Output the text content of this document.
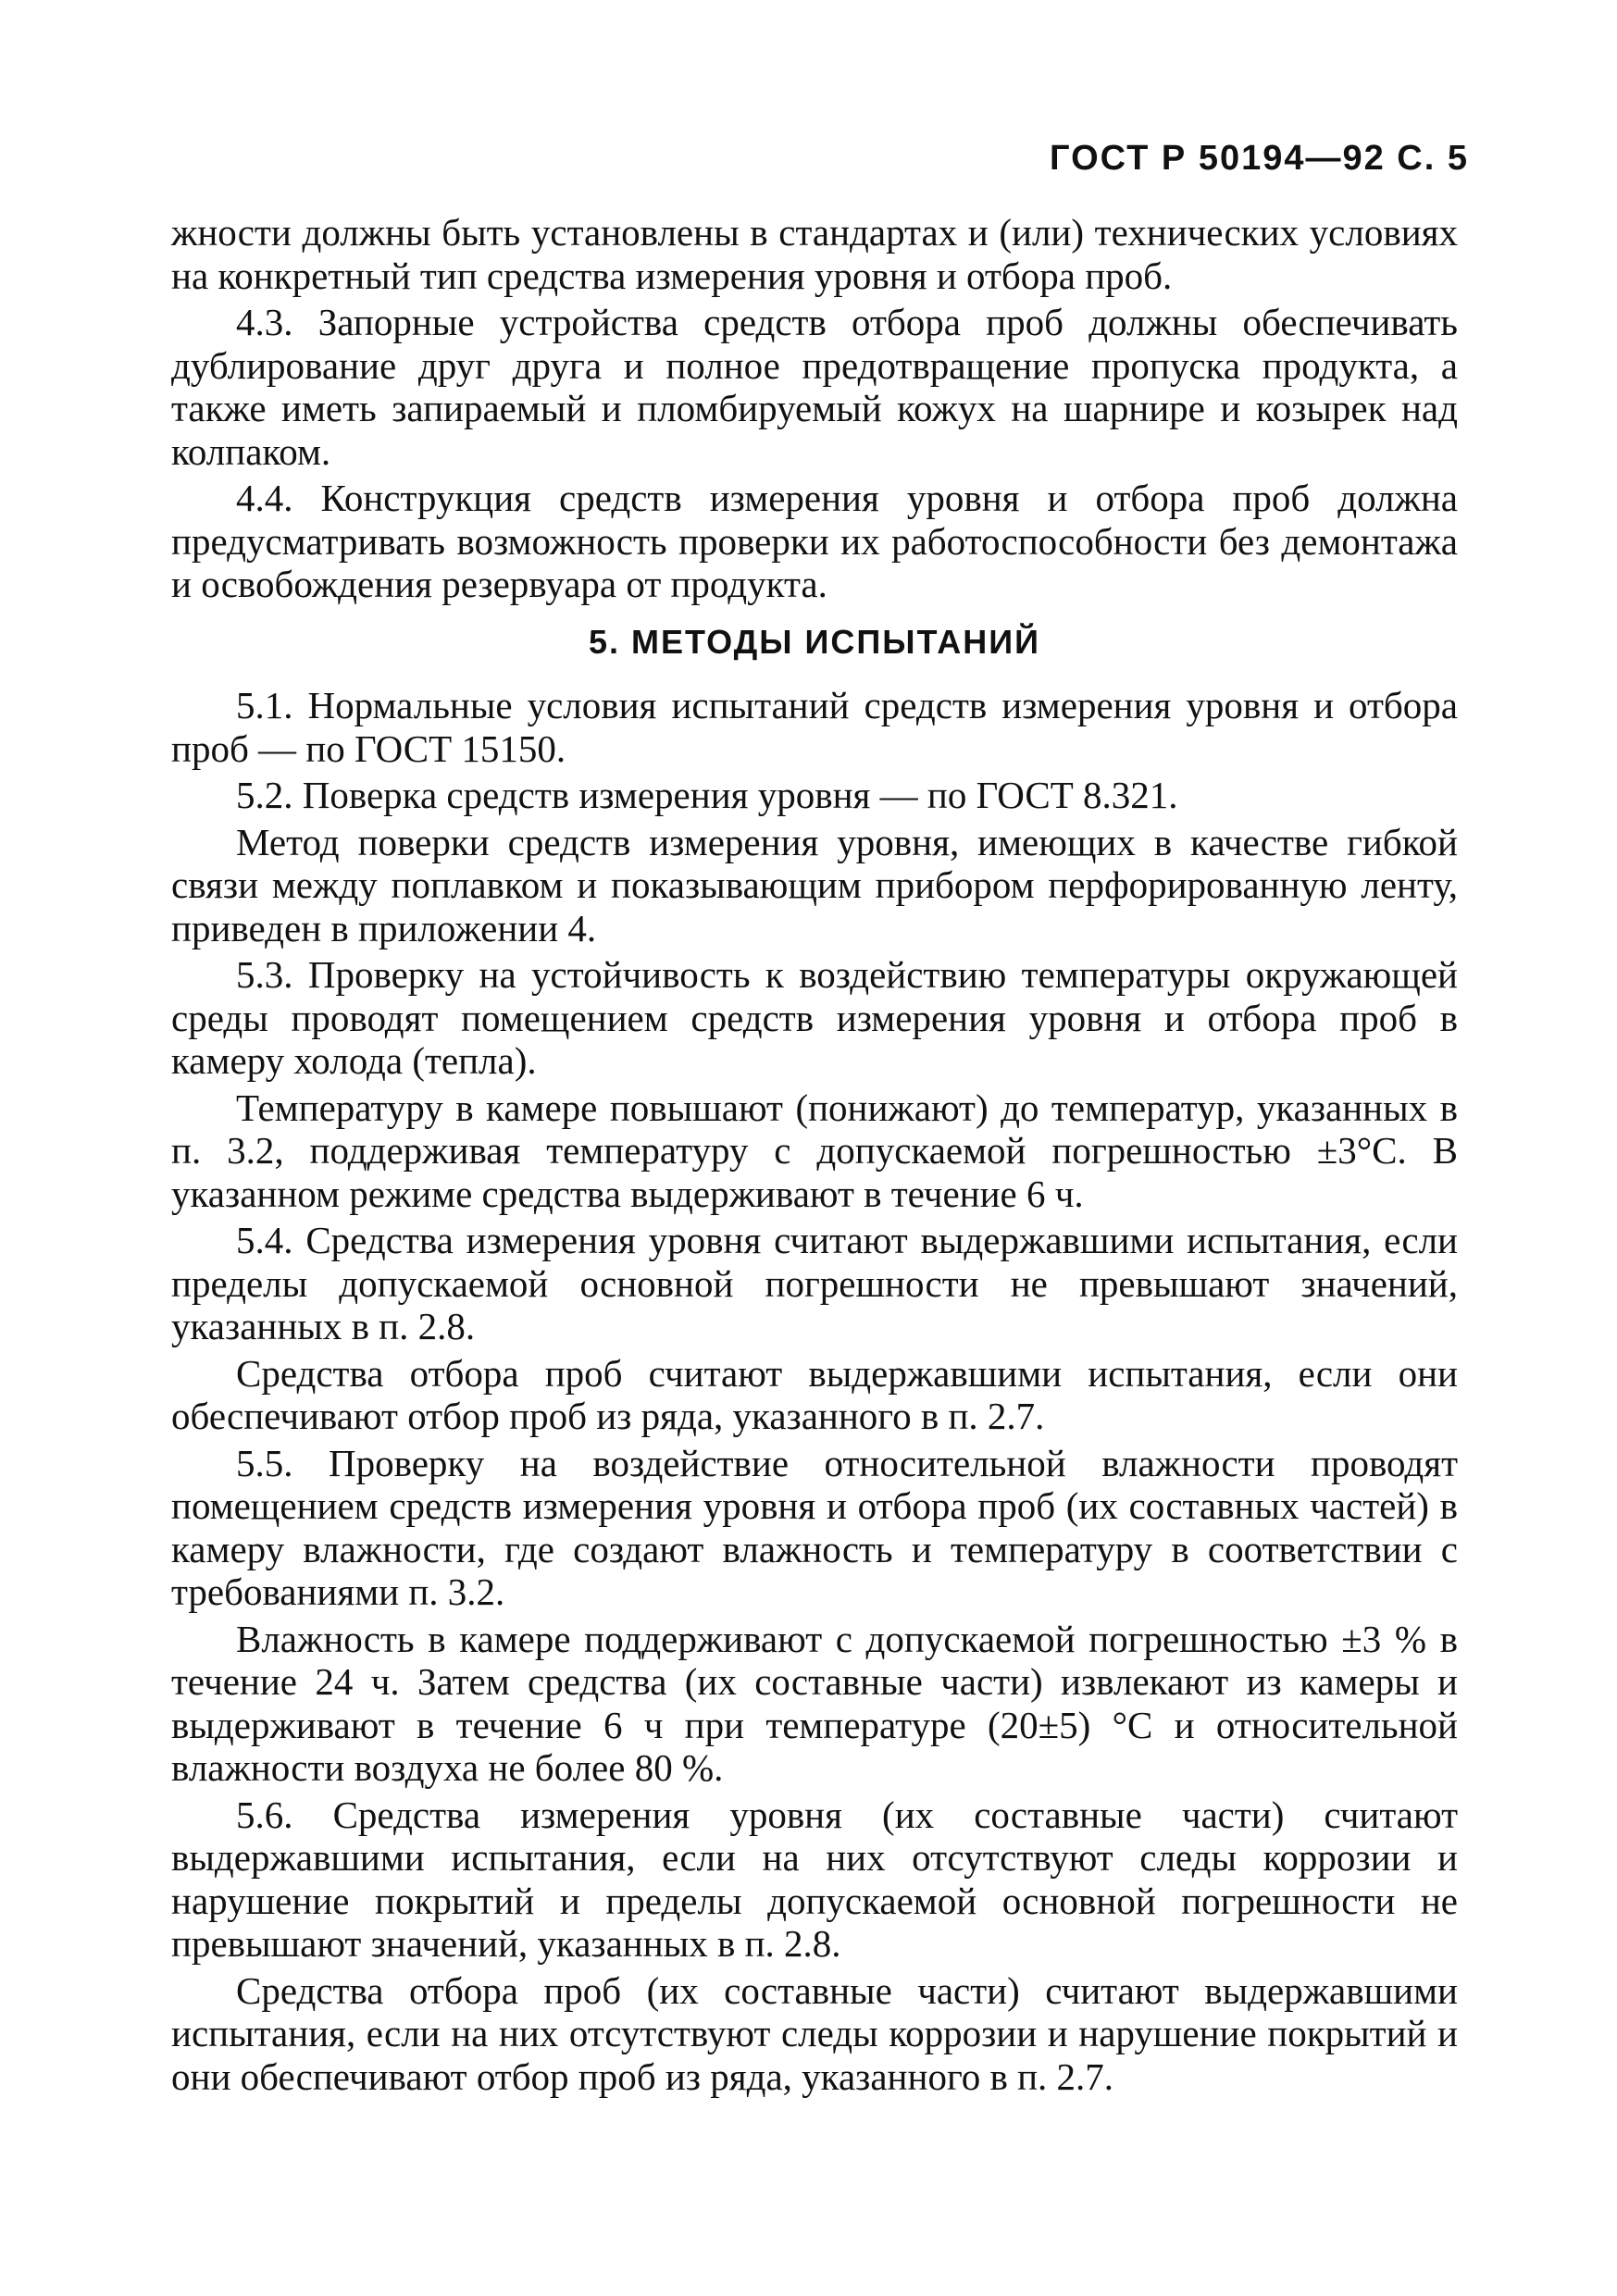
ГОСТ Р 50194—92 С. 5

жности должны быть установлены в стандартах и (или) технических условиях на конкретный тип средства измерения уровня и отбора проб.

4.3. Запорные устройства средств отбора проб должны обеспечивать дублирование друг друга и полное предотвращение пропуска продукта, а также иметь запираемый и пломбируемый кожух на шарнире и козырек над колпаком.

4.4. Конструкция средств измерения уровня и отбора проб должна предусматривать возможность проверки их работоспособности без демонтажа и освобождения резервуара от продукта.

5. МЕТОДЫ ИСПЫТАНИЙ

5.1. Нормальные условия испытаний средств измерения уровня и отбора проб — по ГОСТ 15150.

5.2. Поверка средств измерения уровня — по ГОСТ 8.321.

Метод поверки средств измерения уровня, имеющих в качестве гибкой связи между поплавком и показывающим прибором перфорированную ленту, приведен в приложении 4.

5.3. Проверку на устойчивость к воздействию температуры окружающей среды проводят помещением средств измерения уровня и отбора проб в камеру холода (тепла).

Температуру в камере повышают (понижают) до температур, указанных в п. 3.2, поддерживая температуру с допускаемой погрешностью ±3°С. В указанном режиме средства выдерживают в течение 6 ч.

5.4. Средства измерения уровня считают выдержавшими испытания, если пределы допускаемой основной погрешности не превышают значений, указанных в п. 2.8.

Средства отбора проб считают выдержавшими испытания, если они обеспечивают отбор проб из ряда, указанного в п. 2.7.

5.5. Проверку на воздействие относительной влажности проводят помещением средств измерения уровня и отбора проб (их составных частей) в камеру влажности, где создают влажность и температуру в соответствии с требованиями п. 3.2.

Влажность в камере поддерживают с допускаемой погрешностью ±3 % в течение 24 ч. Затем средства (их составные части) извлекают из камеры и выдерживают в течение 6 ч при температуре (20±5) °С и относительной влажности воздуха не более 80 %.

5.6. Средства измерения уровня (их составные части) считают выдержавшими испытания, если на них отсутствуют следы коррозии и нарушение покрытий и пределы допускаемой основной погрешности не превышают значений, указанных в п. 2.8.

Средства отбора проб (их составные части) считают выдержавшими испытания, если на них отсутствуют следы коррозии и нарушение покрытий и они обеспечивают отбор проб из ряда, указанного в п. 2.7.
